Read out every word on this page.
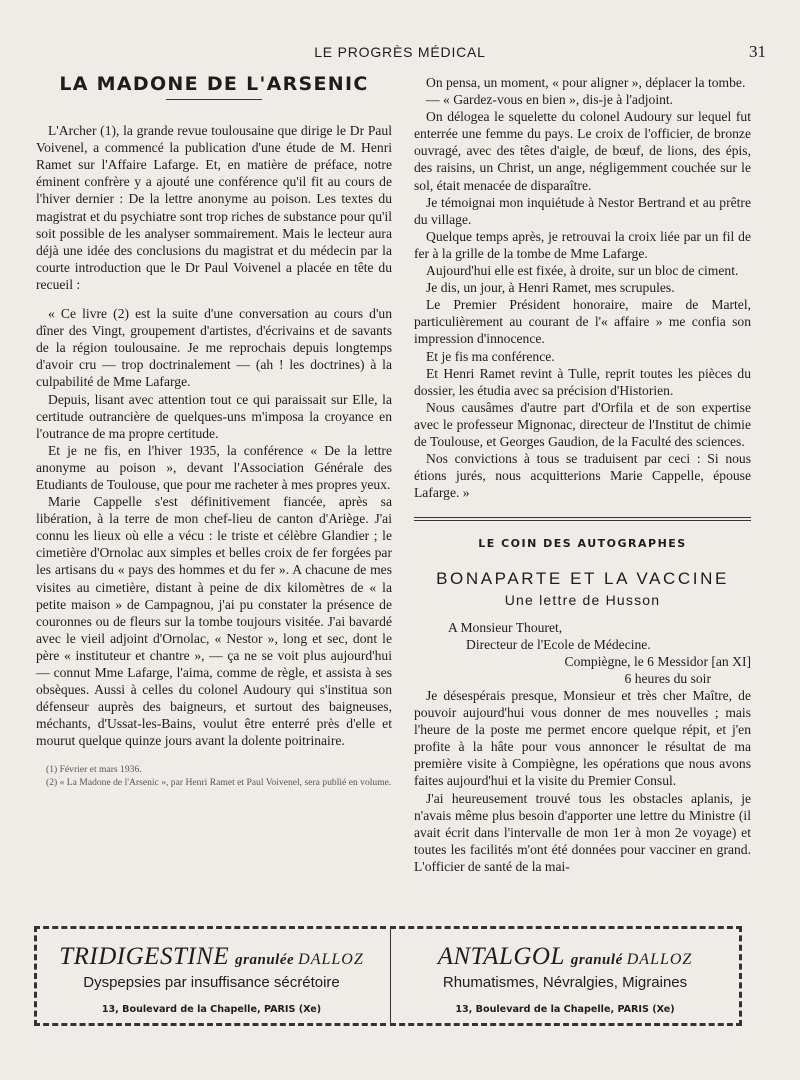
LE PROGRÈS MÉDICAL	31
LA MADONE DE L'ARSENIC

L'Archer (1), la grande revue toulousaine que dirige le Dr Paul Voivenel, a commencé la publication d'une étude de M. Henri Ramet sur l'Affaire Lafarge. Et, en matière de préface, notre éminent confrère y a ajouté une conférence qu'il fit au cours de l'hiver dernier : De la lettre anonyme au poison. Les textes du magistrat et du psychiatre sont trop riches de substance pour qu'il soit possible de les analyser sommairement. Mais le lecteur aura déjà une idée des conclusions du magistrat et du médecin par la courte introduction que le Dr Paul Voivenel a placée en tête du recueil :

« Ce livre (2) est la suite d'une conversation au cours d'un dîner des Vingt, groupement d'artistes, d'écrivains et de savants de la région toulousaine. Je me reprochais depuis longtemps d'avoir cru — trop doctrinalement — (ah ! les doctrines) à la culpabilité de Mme Lafarge.

Depuis, lisant avec attention tout ce qui paraissait sur Elle, la certitude outrancière de quelques-uns m'imposa la croyance en l'outrance de ma propre certitude.

Et je ne fis, en l'hiver 1935, la conférence « De la lettre anonyme au poison », devant l'Association Générale des Etudiants de Toulouse, que pour me racheter à mes propres yeux.

Marie Cappelle s'est définitivement fiancée, après sa libération, à la terre de mon chef-lieu de canton d'Ariège. J'ai connu les lieux où elle a vécu : le triste et célèbre Glandier ; le cimetière d'Ornolac aux simples et belles croix de fer forgées par les artisans du « pays des hommes et du fer ». A chacune de mes visites au cimetière, distant à peine de dix kilomètres de « la petite maison » de Campagnou, j'ai pu constater la présence de couronnes ou de fleurs sur la tombe toujours visitée. J'ai bavardé avec le vieil adjoint d'Ornolac, « Nestor », long et sec, dont le père « instituteur et chantre », — ça ne se voit plus aujourd'hui — connut Mme Lafarge, l'aima, comme de règle, et assista à ses obsèques. Aussi à celles du colonel Audoury qui s'institua son défenseur auprès des baigneurs, et surtout des baigneuses, méchants, d'Ussat-les-Bains, voulut être enterré près d'elle et mourut quelque quinze jours avant la dolente poitrinaire.

(1) Février et mars 1936.

(2) « La Madone de l'Arsenic », par Henri Ramet et Paul Voivenel, sera publié en volume.

On pensa, un moment, « pour aligner », déplacer la tombe.

— « Gardez-vous en bien », dis-je à l'adjoint.

On délogea le squelette du colonel Audoury sur lequel fut enterrée une femme du pays. Le croix de l'officier, de bronze ouvragé, avec des têtes d'aigle, de bœuf, de lions, des épis, des raisins, un Christ, un ange, négligemment couchée sur le sol, était menacée de disparaître.

Je témoignai mon inquiétude à Nestor Bertrand et au prêtre du village.

Quelque temps après, je retrouvai la croix liée par un fil de fer à la grille de la tombe de Mme Lafarge.

Aujourd'hui elle est fixée, à droite, sur un bloc de ciment.

Je dis, un jour, à Henri Ramet, mes scrupules.

Le Premier Président honoraire, maire de Martel, particulièrement au courant de l'« affaire » me confia son impression d'innocence.

Et je fis ma conférence.

Et Henri Ramet revint à Tulle, reprit toutes les pièces du dossier, les étudia avec sa précision d'Historien.

Nous causâmes d'autre part d'Orfila et de son expertise avec le professeur Mignonac, directeur de l'Institut de chimie de Toulouse, et Georges Gaudion, de la Faculté des sciences.

Nos convictions à tous se traduisent par ceci : Si nous étions jurés, nous acquitterions Marie Cappelle, épouse Lafarge. »

LE COIN DES AUTOGRAPHES
BONAPARTE ET LA VACCINE
Une lettre de Husson

A Monsieur Thouret,

Directeur de l'Ecole de Médecine.

Compiègne, le 6 Messidor [an XI]

6 heures du soir

Je désespérais presque, Monsieur et très cher Maître, de pouvoir aujourd'hui vous donner de mes nouvelles ; mais l'heure de la poste me permet encore quelque répit, et j'en profite à la hâte pour vous annoncer le résultat de ma première visite à Compiègne, les opérations que nous avons faites aujourd'hui et la visite du Premier Consul.

J'ai heureusement trouvé tous les obstacles aplanis, je n'avais même plus besoin d'apporter une lettre du Ministre (il avait écrit dans l'intervalle de mon 1er à mon 2e voyage) et toutes les facilités m'ont été données pour vacciner en grand. L'officier de santé de la mai-

TRIDIGESTINE granulée DALLOZ
Dyspepsies par insuffisance sécrétoire
13, Boulevard de la Chapelle, PARIS (Xe)
ANTALGOL granulé DALLOZ
Rhumatismes, Névralgies, Migraines
13, Boulevard de la Chapelle, PARIS (Xe)
